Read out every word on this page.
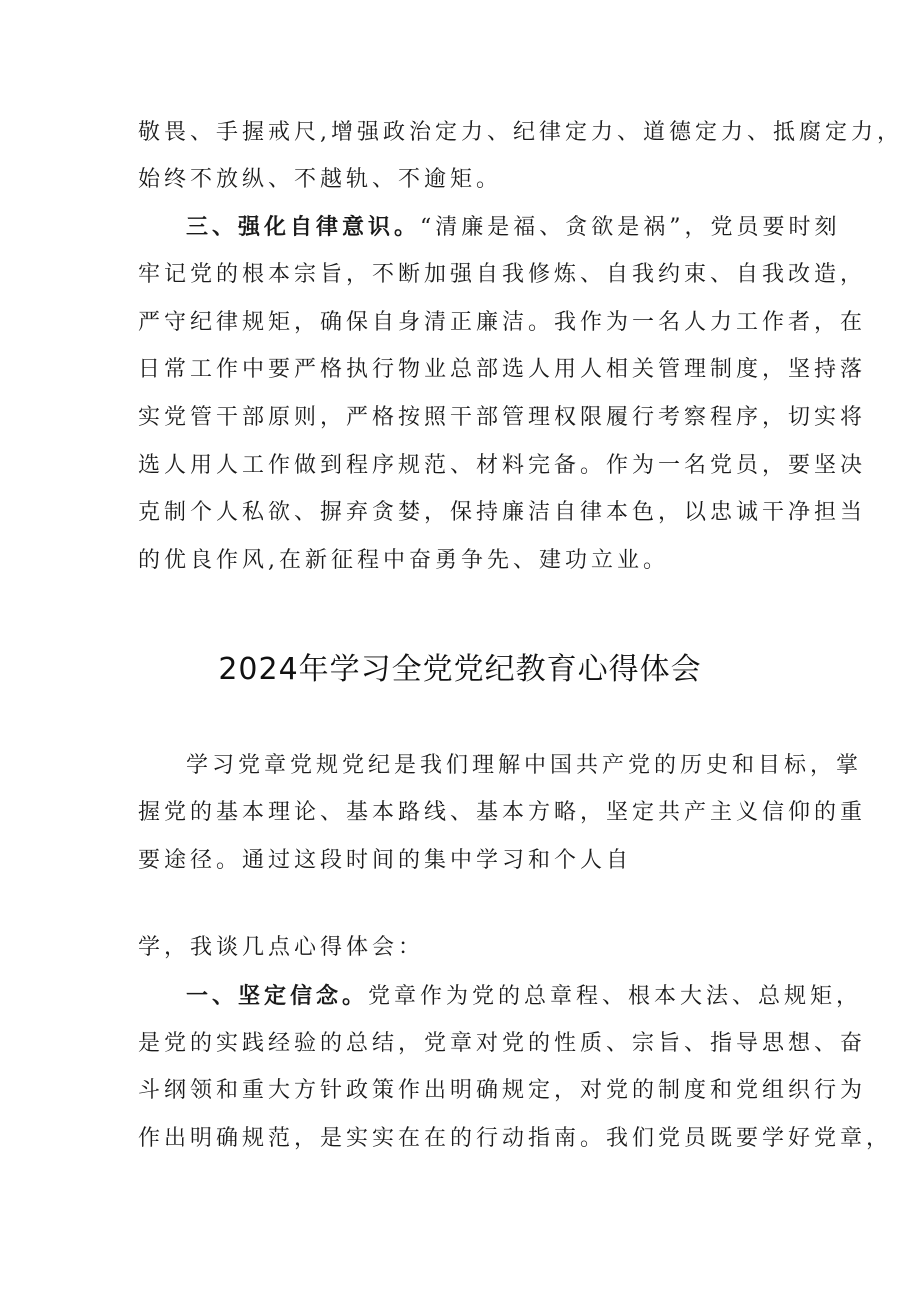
敬畏、手握戒尺,增强政治定力、纪律定力、道德定力、抵腐定力，
始终不放纵、不越轨、不逾矩。
三、强化自律意识。“清廉是福、贪欲是祸”，党员要时刻
牢记党的根本宗旨，不断加强自我修炼、自我约束、自我改造，
严守纪律规矩，确保自身清正廉洁。我作为一名人力工作者，在
日常工作中要严格执行物业总部选人用人相关管理制度，坚持落
实党管干部原则，严格按照干部管理权限履行考察程序，切实将
选人用人工作做到程序规范、材料完备。作为一名党员，要坚决
克制个人私欲、摒弃贪婪，保持廉洁自律本色，以忠诚干净担当
的优良作风,在新征程中奋勇争先、建功立业。
2024年学习全党党纪教育心得体会
学习党章党规党纪是我们理解中国共产党的历史和目标，掌
握党的基本理论、基本路线、基本方略，坚定共产主义信仰的重
要途径。通过这段时间的集中学习和个人自
学，我谈几点心得体会：
一、坚定信念。党章作为党的总章程、根本大法、总规矩，
是党的实践经验的总结，党章对党的性质、宗旨、指导思想、奋
斗纲领和重大方针政策作出明确规定，对党的制度和党组织行为
作出明确规范，是实实在在的行动指南。我们党员既要学好党章，
